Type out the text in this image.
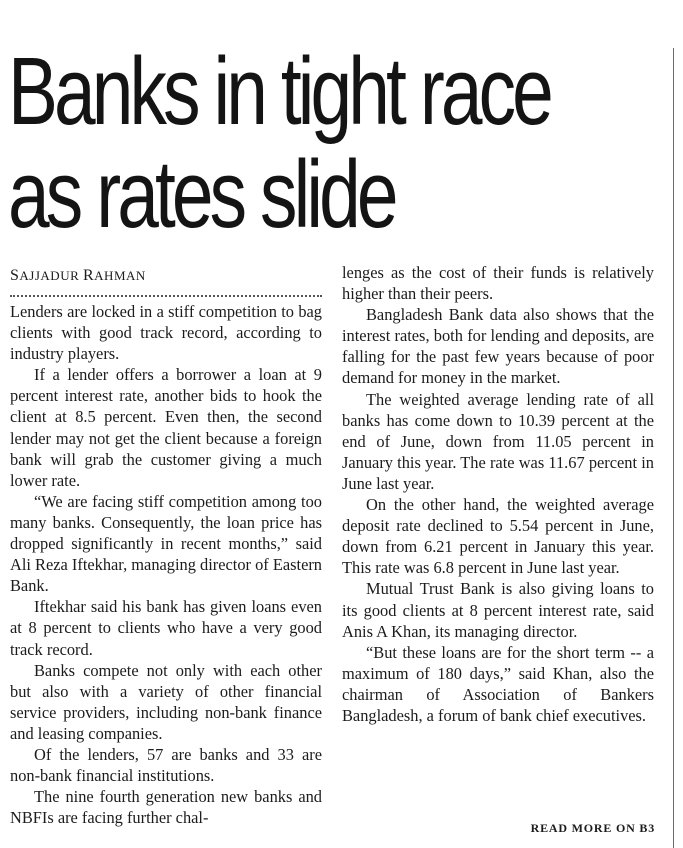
Banks in tight race
as rates slide
SAJJADUR RAHMAN

Lenders are locked in a stiff competition to bag clients with good track record, according to industry players.

If a lender offers a borrower a loan at 9 percent interest rate, another bids to hook the client at 8.5 percent. Even then, the second lender may not get the client because a foreign bank will grab the customer giving a much lower rate.

“We are facing stiff competition among too many banks. Consequently, the loan price has dropped significantly in recent months,” said Ali Reza Iftekhar, managing director of Eastern Bank.

Iftekhar said his bank has given loans even at 8 percent to clients who have a very good track record.

Banks compete not only with each other but also with a variety of other financial service providers, including non-bank finance and leasing companies.

Of the lenders, 57 are banks and 33 are non-bank financial institutions.

The nine fourth generation new banks and NBFIs are facing further chal-

lenges as the cost of their funds is relatively higher than their peers.

Bangladesh Bank data also shows that the interest rates, both for lending and deposits, are falling for the past few years because of poor demand for money in the market.

The weighted average lending rate of all banks has come down to 10.39 percent at the end of June, down from 11.05 percent in January this year. The rate was 11.67 percent in June last year.

On the other hand, the weighted average deposit rate declined to 5.54 percent in June, down from 6.21 percent in January this year. This rate was 6.8 percent in June last year.

Mutual Trust Bank is also giving loans to its good clients at 8 percent interest rate, said Anis A Khan, its managing director.

“But these loans are for the short term -- a maximum of 180 days,” said Khan, also the chairman of Association of Bankers Bangladesh, a forum of bank chief executives.

READ MORE ON B3
